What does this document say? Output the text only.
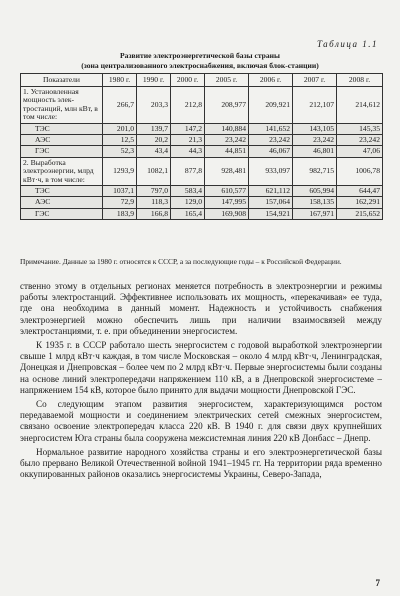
Таблица 1.1
Развитие электроэнергетической базы страны
(зона централизованного электроснабжения, включая блок-станции)
Показатели	1980 г.	1990 г.	2000 г.	2005 г.	2006 г.	2007 г.	2008 г.
1. Установленная мощность элек-тростанций, млн кВт, в том числе:	266,7	203,3	212,8	208,977	209,921	212,107	214,612
ТЭС	201,0	139,7	147,2	140,884	141,652	143,105	145,35
АЭС	12,5	20,2	21,3	23,242	23,242	23,242	23,242
ГЭС	52,3	43,4	44,3	44,851	46,067	46,801	47,06
2. Выработка электроэнергии, млрд кВт·ч, в том числе:	1293,9	1082,1	877,8	928,481	933,097	982,715	1006,78
ТЭС	1037,1	797,0	583,4	610,577	621,112	605,994	644,47
АЭС	72,9	118,3	129,0	147,995	157,064	158,135	162,291
ГЭС	183,9	166,8	165,4	169,908	154,921	167,971	215,652
Примечание. Данные за 1980 г. относятся к СССР, а за последующие годы – к Российской Федерации.

ственно этому в отдельных регионах меняется потребность в электроэнергии и режимы работы электростанций. Эффективнее использовать их мощность, «перекачивая» ее туда, где она необходима в данный момент. Надежность и устойчивость снабжения электроэнергией можно обеспечить лишь при наличии взаимосвязей между электростанциями, т. е. при объединении энергосистем.

К 1935 г. в СССР работало шесть энергосистем с годовой выработкой электроэнергии свыше 1 млрд кВт·ч каждая, в том числе Московская – около 4 млрд кВт·ч, Ленинградская, Донецкая и Днепровская – более чем по 2 млрд кВт·ч. Первые энергосистемы были созданы на основе линий электропередачи напряжением 110 кВ, а в Днепровской энергосистеме – напряжением 154 кВ, которое было принято для выдачи мощности Днепровской ГЭС.

Со следующим этапом развития энергосистем, характеризующимся ростом передаваемой мощности и соединением электрических сетей смежных энергосистем, связано освоение электропередач класса 220 кВ. В 1940 г. для связи двух крупнейших энергосистем Юга страны была сооружена межсистемная линия 220 кВ Донбасс – Днепр.

Нормальное развитие народного хозяйства страны и его электроэнергетической базы было прервано Великой Отечественной войной 1941–1945 гг. На территории ряда временно оккупированных районов оказались энергосистемы Украины, Северо-Запада,

7
